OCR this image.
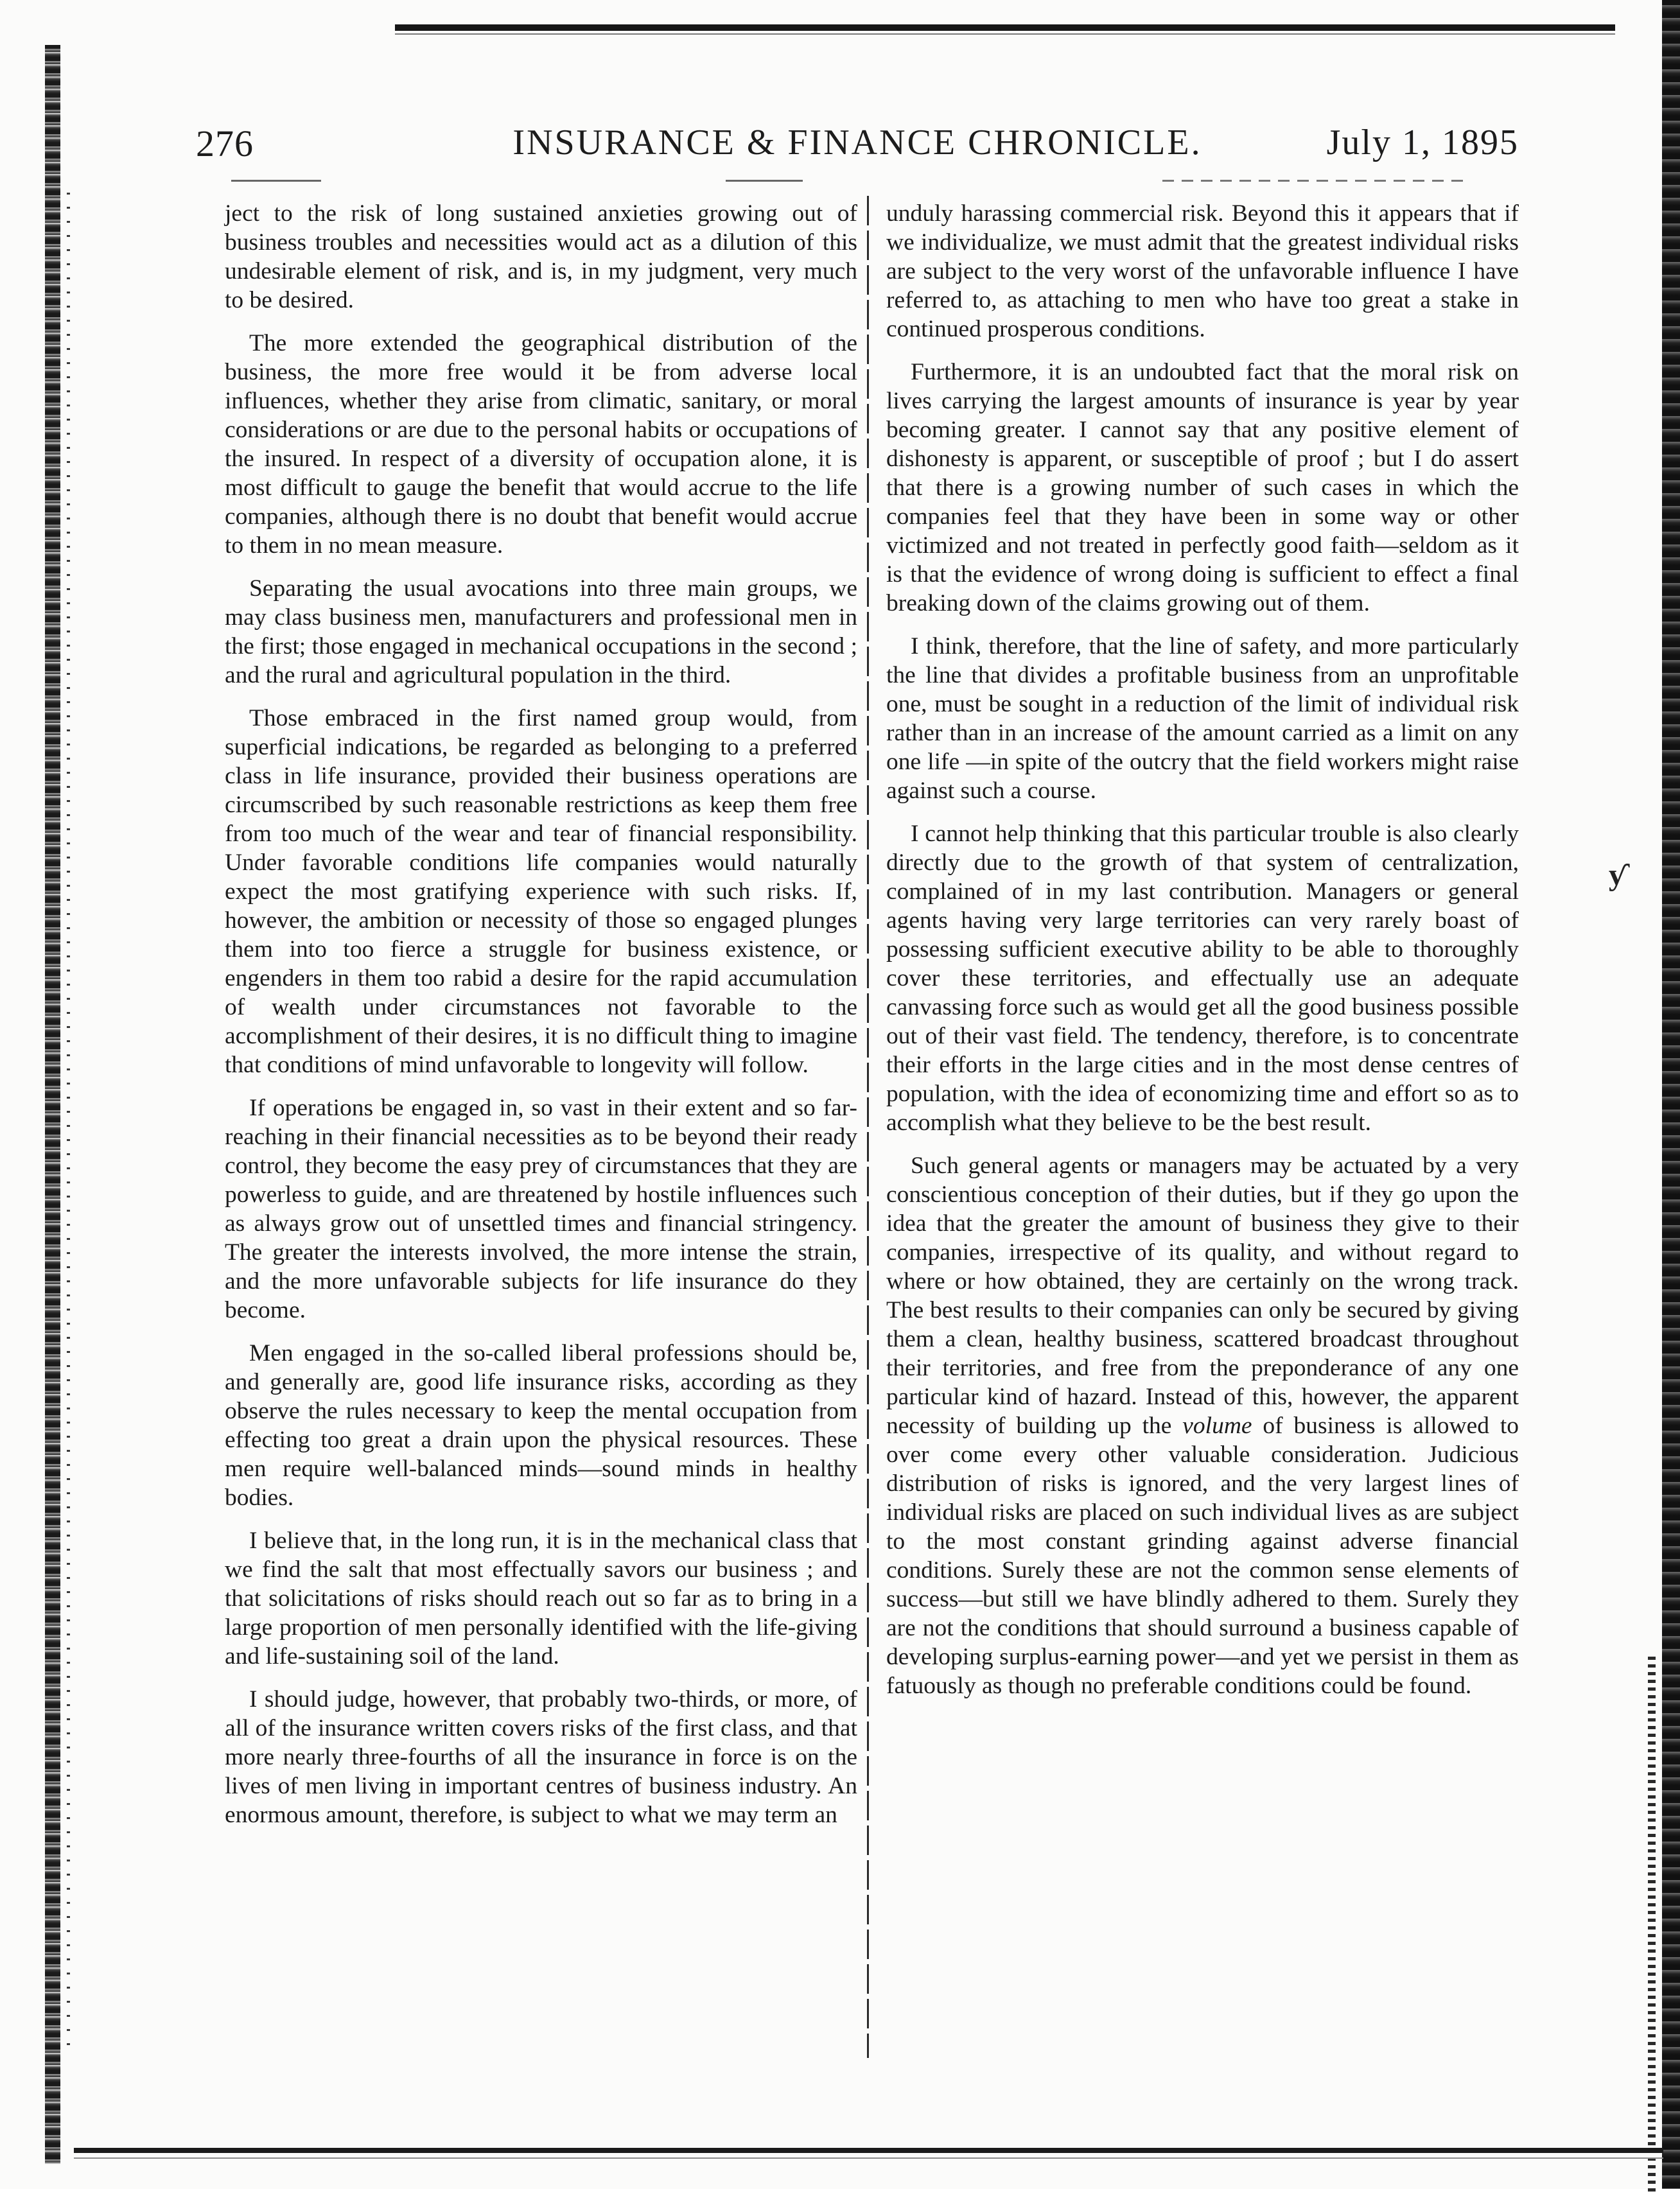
ƴ
276	INSURANCE & FINANCE CHRONICLE.	July 1, 1895

ject to the risk of long sustained anxieties growing out of business troubles and necessities would act as a dilution of this undesirable element of risk, and is, in my judgment, very much to be desired.

The more extended the geographical distribution of the business, the more free would it be from adverse local influences, whether they arise from climatic, sanitary, or moral considerations or are due to the personal habits or occupations of the insured. In respect of a diversity of occupation alone, it is most difficult to gauge the benefit that would accrue to the life companies, although there is no doubt that benefit would accrue to them in no mean measure.

Separating the usual avocations into three main groups, we may class business men, manufacturers and professional men in the first; those engaged in mechanical occupations in the second ; and the rural and agricultural population in the third.

Those embraced in the first named group would, from superficial indications, be regarded as belonging to a preferred class in life insurance, provided their business operations are circumscribed by such reasonable restrictions as keep them free from too much of the wear and tear of financial responsibility. Under favorable conditions life companies would naturally expect the most gratifying experience with such risks. If, however, the ambition or necessity of those so engaged plunges them into too fierce a struggle for business existence, or engenders in them too rabid a desire for the rapid accumulation of wealth under circumstances not favorable to the accomplishment of their desires, it is no difficult thing to imagine that conditions of mind unfavorable to longevity will follow.

If operations be engaged in, so vast in their extent and so far-reaching in their financial necessities as to be beyond their ready control, they become the easy prey of circumstances that they are powerless to guide, and are threatened by hostile influences such as always grow out of unsettled times and financial stringency. The greater the interests involved, the more intense the strain, and the more unfavorable subjects for life insurance do they become.

Men engaged in the so-called liberal professions should be, and generally are, good life insurance risks, according as they observe the rules necessary to keep the mental occupation from effecting too great a drain upon the physical resources. These men require well-balanced minds—sound minds in healthy bodies.

I believe that, in the long run, it is in the mechanical class that we find the salt that most effectually savors our business ; and that solicitations of risks should reach out so far as to bring in a large proportion of men personally identified with the life-giving and life-sustaining soil of the land.

I should judge, however, that probably two-thirds, or more, of all of the insurance written covers risks of the first class, and that more nearly three-fourths of all the insurance in force is on the lives of men living in important centres of business industry. An enormous amount, therefore, is subject to what we may term an

unduly harassing commercial risk. Beyond this it appears that if we individualize, we must admit that the greatest individual risks are subject to the very worst of the unfavorable influence I have referred to, as attaching to men who have too great a stake in continued prosperous conditions.

Furthermore, it is an undoubted fact that the moral risk on lives carrying the largest amounts of insurance is year by year becoming greater. I cannot say that any positive element of dishonesty is apparent, or susceptible of proof ; but I do assert that there is a growing number of such cases in which the companies feel that they have been in some way or other victimized and not treated in perfectly good faith—seldom as it is that the evidence of wrong doing is sufficient to effect a final breaking down of the claims growing out of them.

I think, therefore, that the line of safety, and more particularly the line that divides a profitable business from an unprofitable one, must be sought in a reduction of the limit of individual risk rather than in an increase of the amount carried as a limit on any one life —in spite of the outcry that the field workers might raise against such a course.

I cannot help thinking that this particular trouble is also clearly directly due to the growth of that system of centralization, complained of in my last contribution. Managers or general agents having very large territories can very rarely boast of possessing sufficient executive ability to be able to thoroughly cover these territories, and effectually use an adequate canvassing force such as would get all the good business possible out of their vast field. The tendency, therefore, is to concentrate their efforts in the large cities and in the most dense centres of population, with the idea of economizing time and effort so as to accomplish what they believe to be the best result.

Such general agents or managers may be actuated by a very conscientious conception of their duties, but if they go upon the idea that the greater the amount of business they give to their companies, irrespective of its quality, and without regard to where or how obtained, they are certainly on the wrong track. The best results to their companies can only be secured by giving them a clean, healthy business, scattered broadcast throughout their territories, and free from the preponderance of any one particular kind of hazard. Instead of this, however, the apparent necessity of building up the volume of business is allowed to over come every other valuable consideration. Judicious distribution of risks is ignored, and the very largest lines of individual risks are placed on such individual lives as are subject to the most constant grinding against adverse financial conditions. Surely these are not the common sense elements of success—but still we have blindly adhered to them. Surely they are not the conditions that should surround a business capable of developing surplus-earning power—and yet we persist in them as fatuously as though no preferable conditions could be found.
